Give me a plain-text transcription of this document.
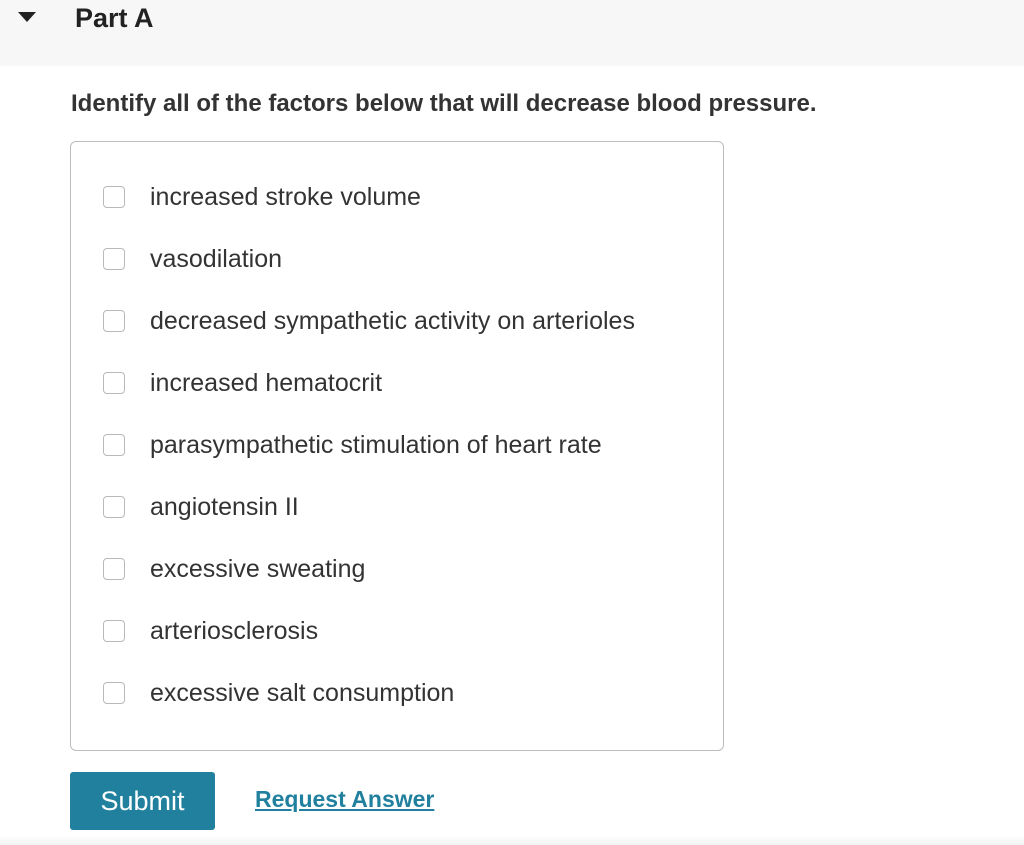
Part A
Identify all of the factors below that will decrease blood pressure.
increased stroke volume
vasodilation
decreased sympathetic activity on arterioles
increased hematocrit
parasympathetic stimulation of heart rate
angiotensin II
excessive sweating
arteriosclerosis
excessive salt consumption
Submit	Request Answer
